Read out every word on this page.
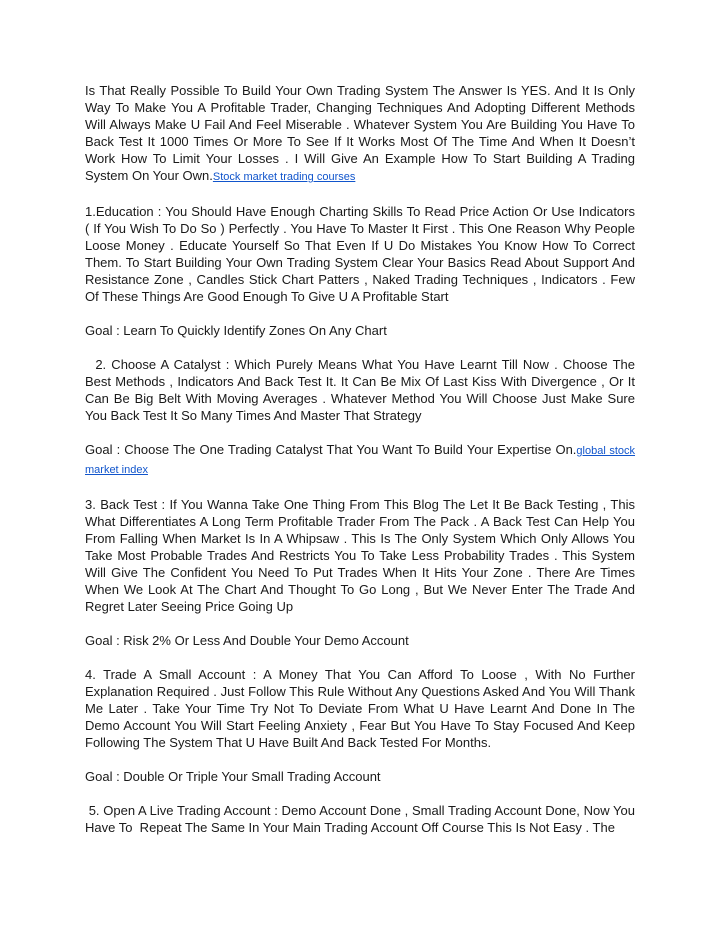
Is That Really Possible To Build Your Own Trading System The Answer Is YES. And It Is Only Way To Make You A Profitable Trader, Changing Techniques And Adopting Different Methods Will Always Make U Fail And Feel Miserable . Whatever System You Are Building You Have To Back Test It 1000 Times Or More To See If It Works Most Of The Time And When It Doesn’t Work How To Limit Your Losses . I Will Give An Example How To Start Building A Trading System On Your Own.Stock market trading courses

1.Education : You Should Have Enough Charting Skills To Read Price Action Or Use Indicators ( If You Wish To Do So ) Perfectly . You Have To Master It First . This One Reason Why People Loose Money . Educate Yourself So That Even If U Do Mistakes You Know How To Correct Them. To Start Building Your Own Trading System Clear Your Basics Read About Support And Resistance Zone , Candles Stick Chart Patters , Naked Trading Techniques , Indicators . Few Of These Things Are Good Enough To Give U A Profitable Start

Goal : Learn To Quickly Identify Zones On Any Chart

2. Choose A Catalyst : Which Purely Means What You Have Learnt Till Now . Choose The Best Methods , Indicators And Back Test It. It Can Be Mix Of Last Kiss With Divergence , Or It Can Be Big Belt With Moving Averages . Whatever Method You Will Choose Just Make Sure You Back Test It So Many Times And Master That Strategy

Goal : Choose The One Trading Catalyst That You Want To Build Your Expertise On.global stock market index

3. Back Test : If You Wanna Take One Thing From This Blog The Let It Be Back Testing , This What Differentiates A Long Term Profitable Trader From The Pack . A Back Test Can Help You From Falling When Market Is In A Whipsaw . This Is The Only System Which Only Allows You Take Most Probable Trades And Restricts You To Take Less Probability Trades . This System Will Give The Confident You Need To Put Trades When It Hits Your Zone . There Are Times When We Look At The Chart And Thought To Go Long , But We Never Enter The Trade And Regret Later Seeing Price Going Up

Goal : Risk 2% Or Less And Double Your Demo Account

4. Trade A Small Account : A Money That You Can Afford To Loose , With No Further Explanation Required . Just Follow This Rule Without Any Questions Asked And You Will Thank Me Later . Take Your Time Try Not To Deviate From What U Have Learnt And Done In The Demo Account You Will Start Feeling Anxiety , Fear But You Have To Stay Focused And Keep Following The System That U Have Built And Back Tested For Months.

Goal : Double Or Triple Your Small Trading Account

5. Open A Live Trading Account : Demo Account Done , Small Trading Account Done, Now You Have To  Repeat The Same In Your Main Trading Account Off Course This Is Not Easy . The
